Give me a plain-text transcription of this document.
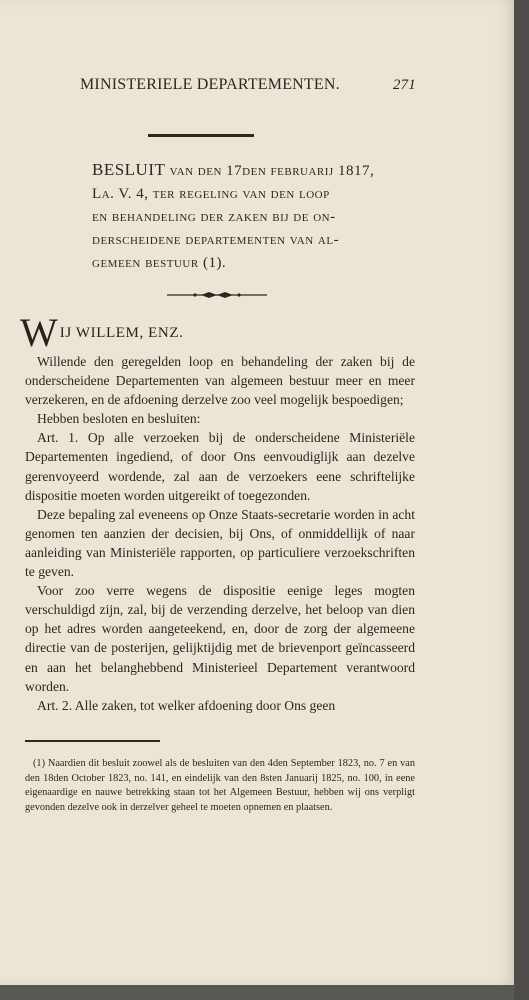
MINISTERIELE DEPARTEMENTEN.	271
BESLUIT van den 17den februarij 1817,
La. V. 4, ter regeling van den loop
en behandeling der zaken bij de on-
derscheidene departementen van al-
gemeen bestuur (1).
W IJ WILLEM, ENZ.

Willende den geregelden loop en behandeling der zaken bij de onderscheidene Departementen van algemeen bestuur meer en meer verzekeren, en de afdoening derzelve zoo veel mogelijk bespoedigen;

Hebben besloten en besluiten:

Art. 1. Op alle verzoeken bij de onderscheidene Ministeriële Departementen ingediend, of door Ons eenvoudiglijk aan dezelve gerenvoyeerd wordende, zal aan de verzoekers eene schriftelijke dispositie moeten worden uitgereikt of toegezonden.

Deze bepaling zal eveneens op Onze Staats-secretarie worden in acht genomen ten aanzien der decisien, bij Ons, of onmiddellijk of naar aanleiding van Ministeriële rapporten, op particuliere verzoekschriften te geven.

Voor zoo verre wegens de dispositie eenige leges mogten verschuldigd zijn, zal, bij de verzending derzelve, het beloop van dien op het adres worden aangeteekend, en, door de zorg der algemeene directie van de posterijen, gelijktijdig met de brievenport geïncasseerd en aan het belanghebbend Ministerieel Departement verantwoord worden.

Art. 2. Alle zaken, tot welker afdoening door Ons geen

(1) Naardien dit besluit zoowel als de besluiten van den 4den September 1823, no. 7 en van den 18den October 1823, no. 141, en eindelijk van den 8sten Januarij 1825, no. 100, in eene eigenaardige en nauwe betrekking staan tot het Algemeen Bestuur, hebben wij ons verpligt gevonden dezelve ook in derzelver geheel te moeten opnemen en plaatsen.
